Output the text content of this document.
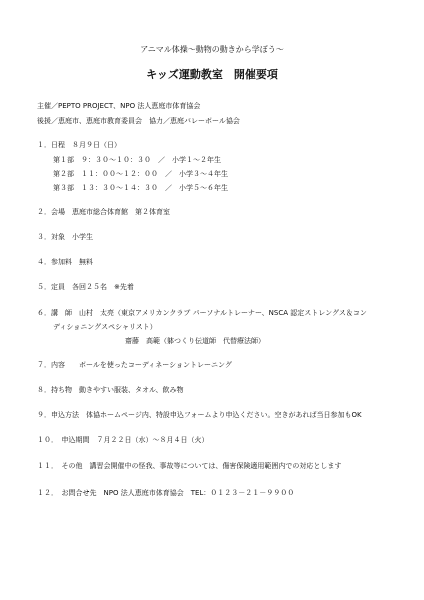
アニマル体操～動物の動きから学ぼう～
キッズ運動教室　開催要項
主催／PEPTO PROJECT、NPO 法人恵庭市体育協会
後援／恵庭市、恵庭市教育委員会　協力／恵庭バレーボール協会
１．日程　８月９日（日）
第１部　９：３０～１０：３０　／　小学１～２年生
第２部　１１：００～１２：００　／　小学３～４年生
第３部　１３：３０～１４：３０　／　小学５～６年生
２．会場　恵庭市総合体育館　第２体育室
３．対象　小学生
４．参加料　無料
５．定員　各回２５名　※先着
６．講　師　山村　太亮（東京アメリカンクラブ パーソナルトレーナー、NSCA 認定ストレングス＆コン
ディショニングスペシャリスト）
齋藤　高範（躰つくり伝道師　代替療法師）
７．内容　　ボールを使ったコーディネーショントレーニング
８．持ち物　動きやすい服装、タオル、飲み物
９．申込方法　体協ホームページ内、特設申込フォームより申込ください。空きがあれば当日参加もOK
１０．　申込期間　７月２２日（水）～８月４日（火）
１１．　その他　講習会開催中の怪我、事故等については、傷害保険適用範囲内での対応とします
１２．　お問合せ先　NPO 法人恵庭市体育協会　TEL：０１２３－２１－９９００
